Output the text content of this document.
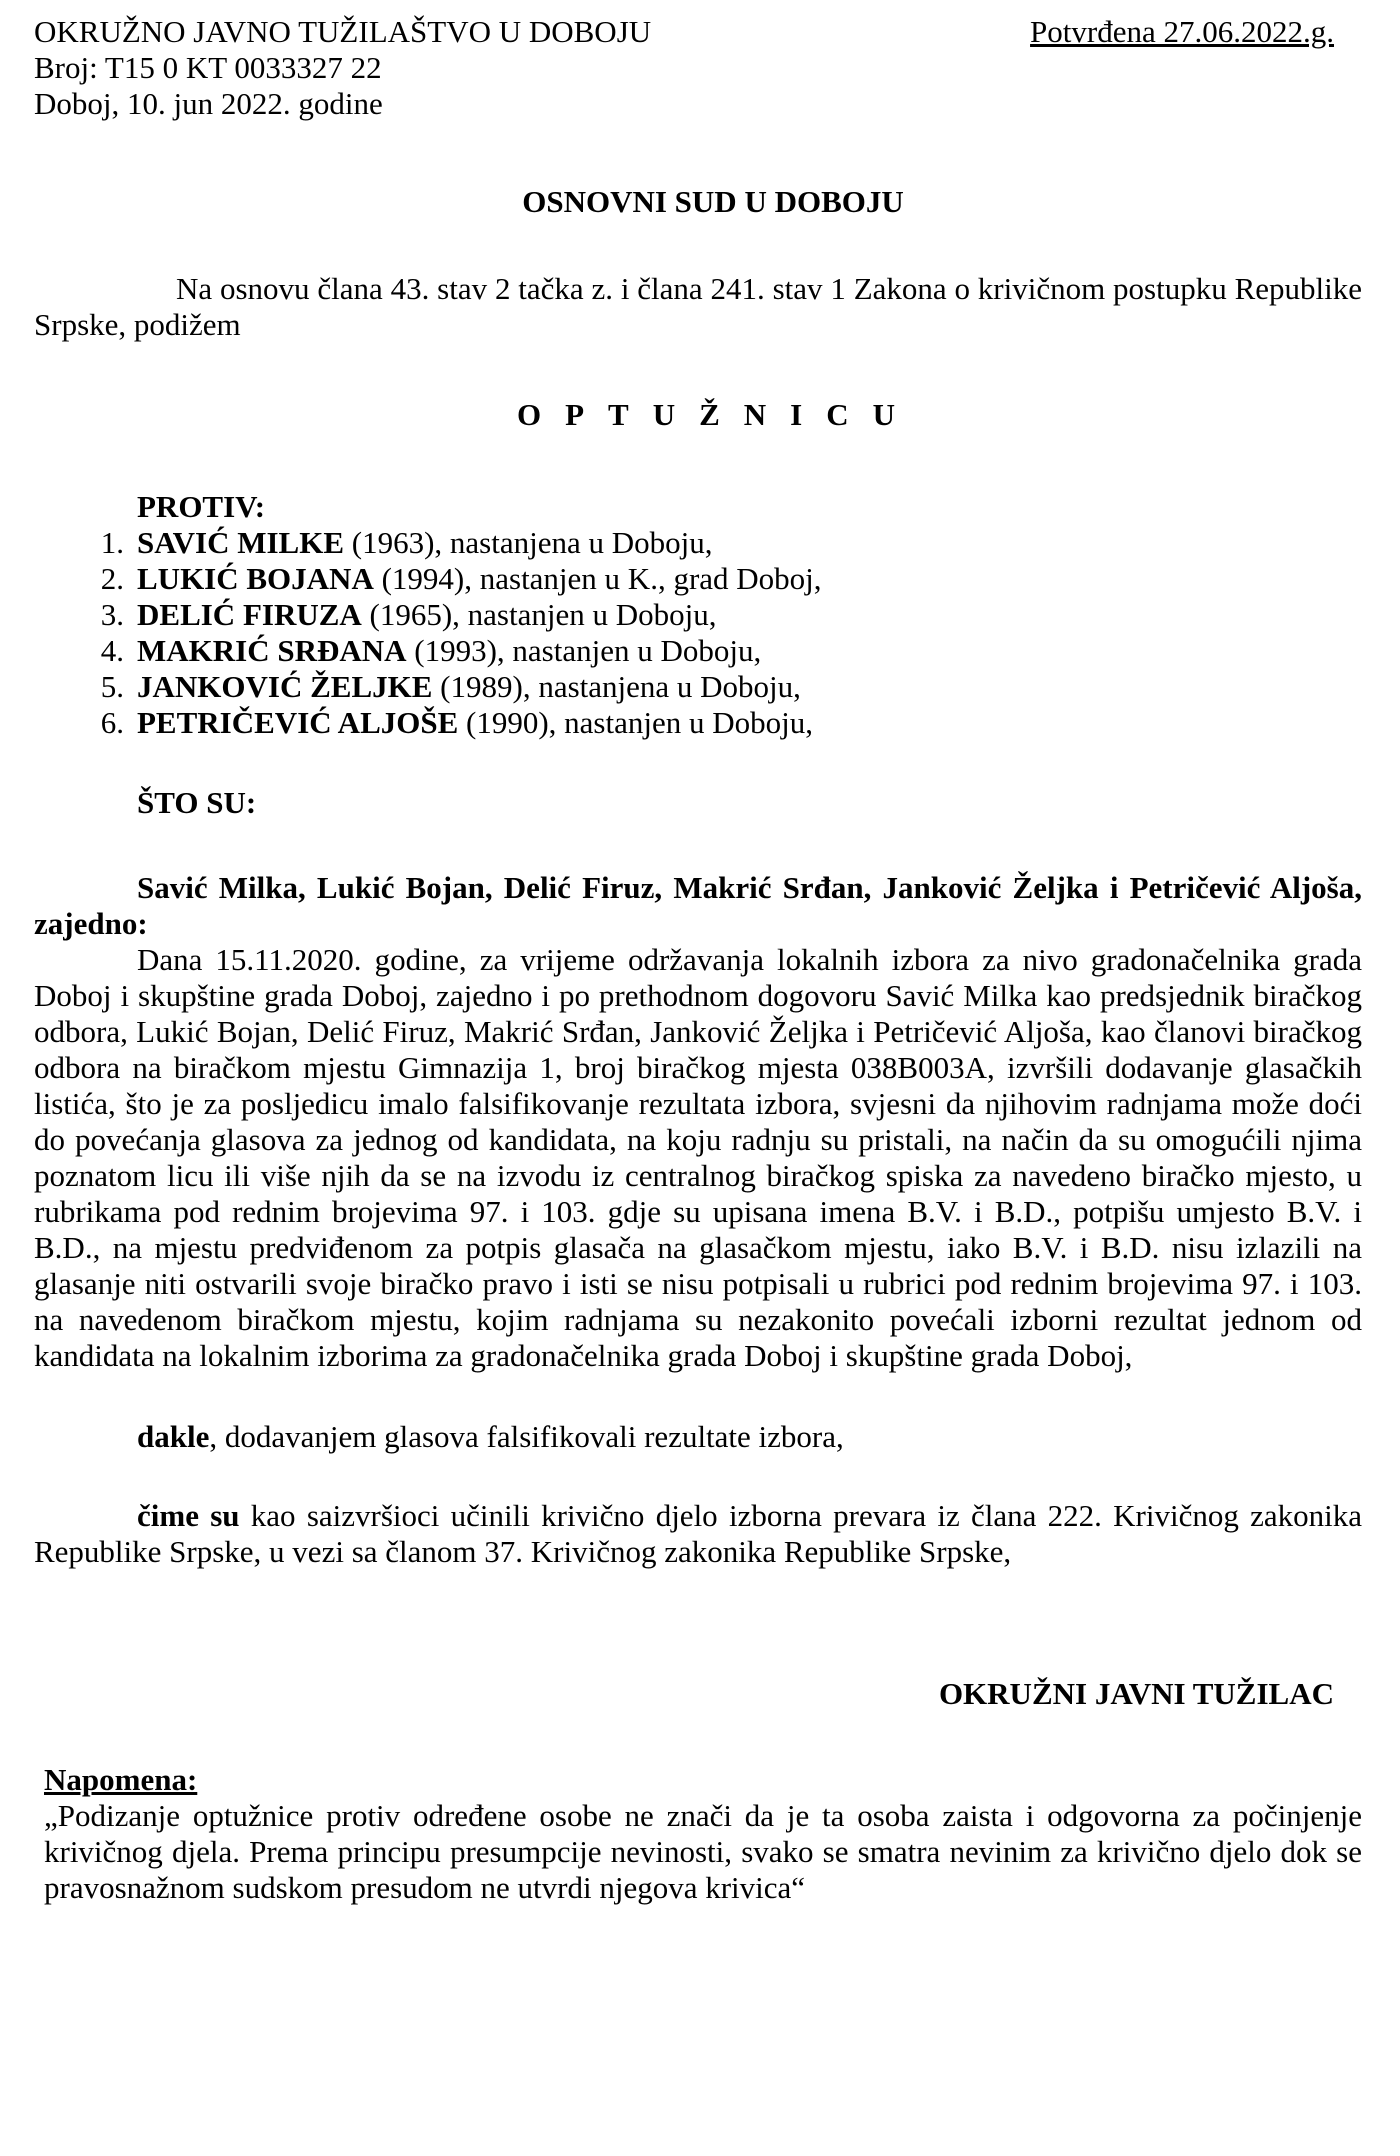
OKRUŽNO JAVNO TUŽILAŠTVO U DOBOJU
Broj: T15 0 KT 0033327 22
Doboj, 10. jun 2022. godine
Potvrđena 27.06.2022.g.
OSNOVNI SUD U DOBOJU
Na osnovu člana 43. stav 2 tačka z. i člana 241. stav 1 Zakona o krivičnom postupku Republike Srpske, podižem
OPTUŽNICU
PROTIV:
1. SAVIĆ MILKE (1963), nastanjena u Doboju,
2. LUKIĆ BOJANA (1994), nastanjen u K., grad Doboj,
3. DELIĆ FIRUZA (1965), nastanjen u Doboju,
4. MAKRIĆ SRĐANA (1993), nastanjen u Doboju,
5. JANKOVIĆ ŽELJKE (1989), nastanjena u Doboju,
6. PETRIČEVIĆ ALJOŠE (1990), nastanjen u Doboju,
ŠTO SU:
Savić Milka, Lukić Bojan, Delić Firuz, Makrić Srđan, Janković Željka i Petričević Aljoša, zajedno:
Dana 15.11.2020. godine, za vrijeme održavanja lokalnih izbora za nivo gradonačelnika grada Doboj i skupštine grada Doboj, zajedno i po prethodnom dogovoru Savić Milka kao predsjednik biračkog odbora, Lukić Bojan, Delić Firuz, Makrić Srđan, Janković Željka i Petričević Aljoša, kao članovi biračkog odbora na biračkom mjestu Gimnazija 1, broj biračkog mjesta 038B003A, izvršili dodavanje glasačkih listića, što je za posljedicu imalo falsifikovanje rezultata izbora, svjesni da njihovim radnjama može doći do povećanja glasova za jednog od kandidata, na koju radnju su pristali, na način da su omogućili njima poznatom licu ili više njih da se na izvodu iz centralnog biračkog spiska za navedeno biračko mjesto, u rubrikama pod rednim brojevima 97. i 103. gdje su upisana imena B.V. i B.D., potpišu umjesto B.V. i B.D., na mjestu predviđenom za potpis glasača na glasačkom mjestu, iako B.V. i B.D. nisu izlazili na glasanje niti ostvarili svoje biračko pravo i isti se nisu potpisali u rubrici pod rednim brojevima 97. i 103. na navedenom biračkom mjestu, kojim radnjama su nezakonito povećali izborni rezultat jednom od kandidata na lokalnim izborima za gradonačelnika grada Doboj i skupštine grada Doboj,
dakle, dodavanjem glasova falsifikovali rezultate izbora,
čime su kao saizvršioci učinili krivično djelo izborna prevara iz člana 222. Krivičnog zakonika Republike Srpske, u vezi sa članom 37. Krivičnog zakonika Republike Srpske,
OKRUŽNI JAVNI TUŽILAC
Napomena:
„Podizanje optužnice protiv određene osobe ne znači da je ta osoba zaista i odgovorna za počinjenje krivičnog djela. Prema principu presumpcije nevinosti, svako se smatra nevinim za krivično djelo dok se pravosnažnom sudskom presudom ne utvrdi njegova krivica“
